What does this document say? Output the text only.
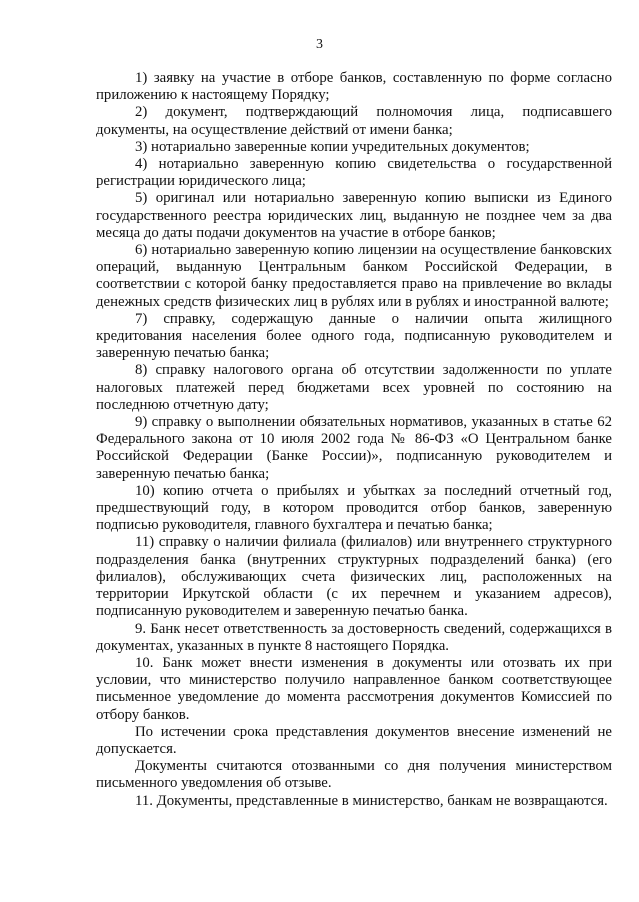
3

1) заявку на участие в отборе банков, составленную по форме согласно приложению к настоящему Порядку;

2) документ, подтверждающий полномочия лица, подписавшего документы, на осуществление действий от имени банка;

3) нотариально заверенные копии учредительных документов;

4) нотариально заверенную копию свидетельства о государственной регистрации юридического лица;

5) оригинал или нотариально заверенную копию выписки из Единого государственного реестра юридических лиц, выданную не позднее чем за два месяца до даты подачи документов на участие в отборе банков;

6) нотариально заверенную копию лицензии на осуществление банковских операций, выданную Центральным банком Российской Федерации, в соответствии с которой банку предоставляется право на привлечение во вклады денежных средств физических лиц в рублях или в рублях и иностранной валюте;

7) справку, содержащую данные о наличии опыта жилищного кредитования населения более одного года, подписанную руководителем и заверенную печатью банка;

8) справку налогового органа об отсутствии задолженности по уплате налоговых платежей перед бюджетами всех уровней по состоянию на последнюю отчетную дату;

9) справку о выполнении обязательных нормативов, указанных в статье 62 Федерального закона от 10 июля 2002 года № 86-ФЗ «О Центральном банке Российской Федерации (Банке России)», подписанную руководителем и заверенную печатью банка;

10) копию отчета о прибылях и убытках за последний отчетный год, предшествующий году, в котором проводится отбор банков, заверенную подписью руководителя, главного бухгалтера и печатью банка;

11) справку о наличии филиала (филиалов) или внутреннего структурного подразделения банка (внутренних структурных подразделений банка) (его филиалов), обслуживающих счета физических лиц, расположенных на территории Иркутской области (с их перечнем и указанием адресов), подписанную руководителем и заверенную печатью банка.

9. Банк несет ответственность за достоверность сведений, содержащихся в документах, указанных в пункте 8 настоящего Порядка.

10. Банк может внести изменения в документы или отозвать их при условии, что министерство получило направленное банком соответствующее письменное уведомление до момента рассмотрения документов Комиссией по отбору банков.

По истечении срока представления документов внесение изменений не допускается.

Документы считаются отозванными со дня получения министерством письменного уведомления об отзыве.

11. Документы, представленные в министерство, банкам не возвращаются.
